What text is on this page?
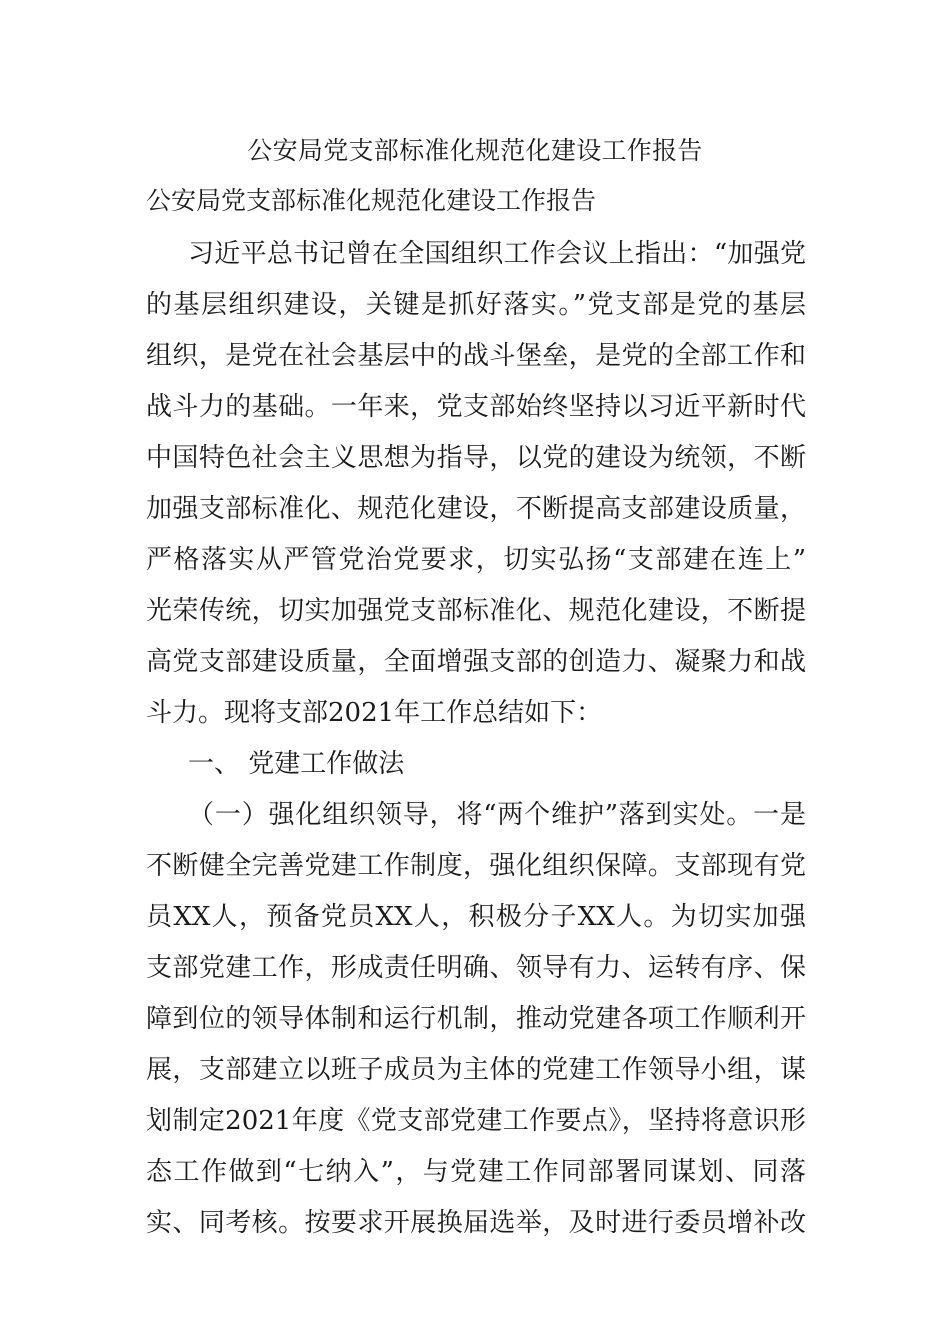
公安局党支部标准化规范化建设工作报告
公安局党支部标准化规范化建设工作报告
习近平总书记曾在全国组织工作会议上指出：“加强党
的基层组织建设，关键是抓好落实。”党支部是党的基层
组织，是党在社会基层中的战斗堡垒，是党的全部工作和
战斗力的基础。一年来，党支部始终坚持以习近平新时代
中国特色社会主义思想为指导，以党的建设为统领，不断
加强支部标准化、规范化建设，不断提高支部建设质量，
严格落实从严管党治党要求，切实弘扬“支部建在连上”
光荣传统，切实加强党支部标准化、规范化建设，不断提
高党支部建设质量，全面增强支部的创造力、凝聚力和战
斗力。现将支部2021年工作总结如下：
一、 党建工作做法
（一）强化组织领导，将“两个维护”落到实处。一是
不断健全完善党建工作制度，强化组织保障。支部现有党
员XX人，预备党员XX人，积极分子XX人。为切实加强
支部党建工作，形成责任明确、领导有力、运转有序、保
障到位的领导体制和运行机制，推动党建各项工作顺利开
展，支部建立以班子成员为主体的党建工作领导小组，谋
划制定2021年度《党支部党建工作要点》，坚持将意识形
态工作做到“七纳入”，与党建工作同部署同谋划、同落
实、同考核。按要求开展换届选举，及时进行委员增补改
